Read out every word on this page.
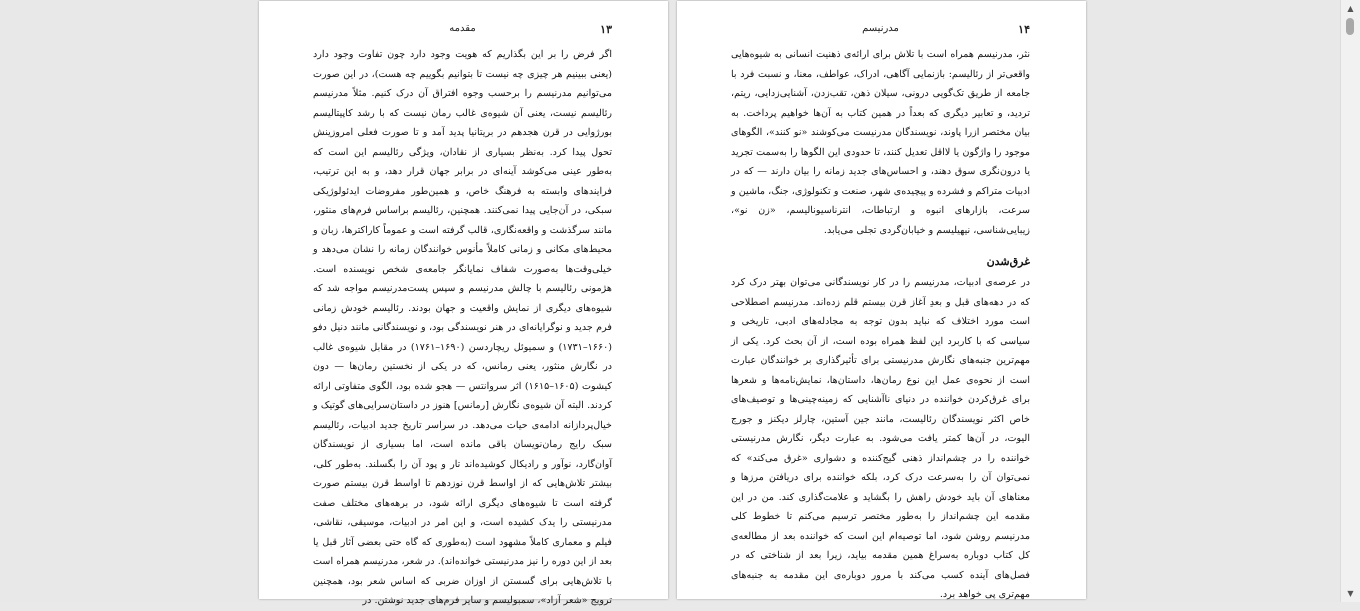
۱۳
مقدمه

اگر فرض را بر این بگذاریم که هویت وجود دارد چون تفاوت وجود دارد (یعنی ببینیم هر چیزی چه نیست تا بتوانیم بگوییم چه هست)، در این صورت می‌توانیم مدرنیسم را برحسب وجوه افتراق آن درک کنیم. مثلاً مدرنیسم رئالیسم نیست، یعنی آن شیوه‌ی غالب رمان نیست که با رشد کاپیتالیسم بورژوایی در قرن هجدهم در بریتانیا پدید آمد و تا صورت فعلی امروزینش تحول پیدا کرد. به‌نظر بسیاری از نقادان، ویژگی رئالیسم این است که به‌طور عینی می‌کوشد آینه‌ای در برابر جهان قرار دهد، و به این ترتیب، فرایندهای وابسته به فرهنگ خاص، و همین‌طور مفروضات ایدئولوژیکی سبکی، در آن‌جایی پیدا نمی‌کنند. همچنین، رئالیسم براساس فرم‌های منثور، مانند سرگذشت و واقعه‌نگاری، قالب گرفته است و عموماً کاراکترها، زبان و محیط‌های مکانی و زمانی کاملاً مأنوس خوانندگان زمانه را نشان می‌دهد و خیلی‌وقت‌ها به‌صورت شفاف نمایانگر جامعه‌ی شخص نویسنده است. هژمونی رئالیسم با چالش مدرنیسم و سپس پست‌مدرنیسم مواجه شد که شیوه‌های دیگری از نمایش واقعیت و جهان بودند. رئالیسم خودش زمانی فرم جدید و نوگرایانه‌ای در هنر نویسندگی بود، و نویسندگانی مانند دنیل دفو (۱۶۶۰–۱۷۳۱) و سمیوئل ریچاردسن (۱۶۹۰–۱۷۶۱) در مقابل شیوه‌ی غالب در نگارش منثور، یعنی رمانس، که در یکی از نخستین رمان‌ها — دون کیشوت (۱۶۰۵–۱۶۱۵) اثر سروانتس — هجو شده بود، الگوی متفاوتی ارائه کردند. البته آن شیوه‌ی نگارش [رمانس] هنوز در داستان‌سرایی‌های گوتیک و خیال‌پردازانه ادامه‌ی حیات می‌دهد. در سراسر تاریخ جدید ادبیات، رئالیسم سبک رایج رمان‌نویسان باقی مانده است، اما بسیاری از نویسندگان آوان‌گارد، نوآور و رادیکال کوشیده‌اند تار و پود آن را بگسلند. به‌طور کلی، بیشتر تلاش‌هایی که از اواسط قرن نوزدهم تا اواسط قرن بیستم صورت گرفته است تا شیوه‌های دیگری ارائه شود، در برهه‌های مختلف صفت مدرنیستی را یدک کشیده است، و این امر در ادبیات، موسیقی، نقاشی، فیلم و معماری کاملاً مشهود است (به‌طوری که گاه حتی بعضی آثار قبل یا بعد از این دوره را نیز مدرنیستی خوانده‌اند). در شعر، مدرنیسم همراه است با تلاش‌هایی برای گسستن از اوزان ضربی که اساس شعر بود، همچنین ترویج «شعر آزاد»، سمبولیسم و سایر فرم‌های جدید نوشتن. در

۱۴
مدرنیسم

نثر، مدرنیسم همراه است با تلاش برای ارائه‌ی ذهنیت انسانی به شیوه‌هایی واقعی‌تر از رئالیسم: بازنمایی آگاهی، ادراک، عواطف، معنا، و نسبت فرد با جامعه از طریق تک‌گویی درونی، سیلان ذهن، تقب‌زدن، آشنایی‌زدایی، ریتم، تردید، و تعابیر دیگری که بعداً در همین کتاب به آن‌ها خواهیم پرداخت. به بیان مختصر ازرا پاوند، نویسندگان مدرنیست می‌کوشند «نو کنند»، الگوهای موجود را واژگون یا لااقل تعدیل کنند، تا حدودی این الگوها را به‌سمت تجرید یا درون‌نگری سوق دهند، و احساس‌های جدید زمانه را بیان دارند — که در ادبیات متراکم و فشرده و پیچیده‌ی شهر، صنعت و تکنولوژی، جنگ، ماشین و سرعت، بازارهای انبوه و ارتباطات، انترناسیونالیسم، «زن نو»، زیبایی‌شناسی، نیهیلیسم و خیابان‌گردی تجلی می‌یابد.

غرق‌شدن

در عرصه‌ی ادبیات، مدرنیسم را در کار نویسندگانی می‌توان بهتر درک کرد که در دهه‌های قبل و بعدِ آغاز قرن بیستم قلم زده‌اند. مدرنیسم اصطلاحی است مورد اختلاف که نباید بدون توجه به مجادله‌های ادبی، تاریخی و سیاسی که با کاربرد این لفظ همراه بوده است، از آن بحث کرد. یکی از مهم‌ترین جنبه‌های نگارش مدرنیستی برای تأثیرگذاری بر خوانندگان عبارت است از نحوه‌ی عمل این نوع رمان‌ها، داستان‌ها، نمایش‌نامه‌ها و شعرها برای غرق‌کردن خواننده در دنیای ناآشنایی که زمینه‌چینی‌ها و توصیف‌های خاص اکثر نویسندگان رئالیست، مانند جین آستین، چارلز دیکنز و جورج الیوت، در آن‌ها کمتر یافت می‌شود. به عبارت دیگر، نگارش مدرنیستی خواننده را در چشم‌انداز ذهنی گیج‌کننده و دشواری «غرق می‌کند» که نمی‌توان آن را به‌سرعت درک کرد، بلکه خواننده برای دریافتن مرزها و معناهای آن باید خودش راهش را بگشاید و علامت‌گذاری کند. من در این مقدمه این چشم‌انداز را به‌طور مختصر ترسیم می‌کنم تا خطوط کلی مدرنیسم روشن شود، اما توصیه‌ام این است که خواننده بعد از مطالعه‌ی کل کتاب دوباره به‌سراغ همین مقدمه بیاید، زیرا بعد از شناختی که در فصل‌های آینده کسب می‌کند با مرور دوباره‌ی این مقدمه به جنبه‌های مهم‌تری پی خواهد برد.

▲
▼
